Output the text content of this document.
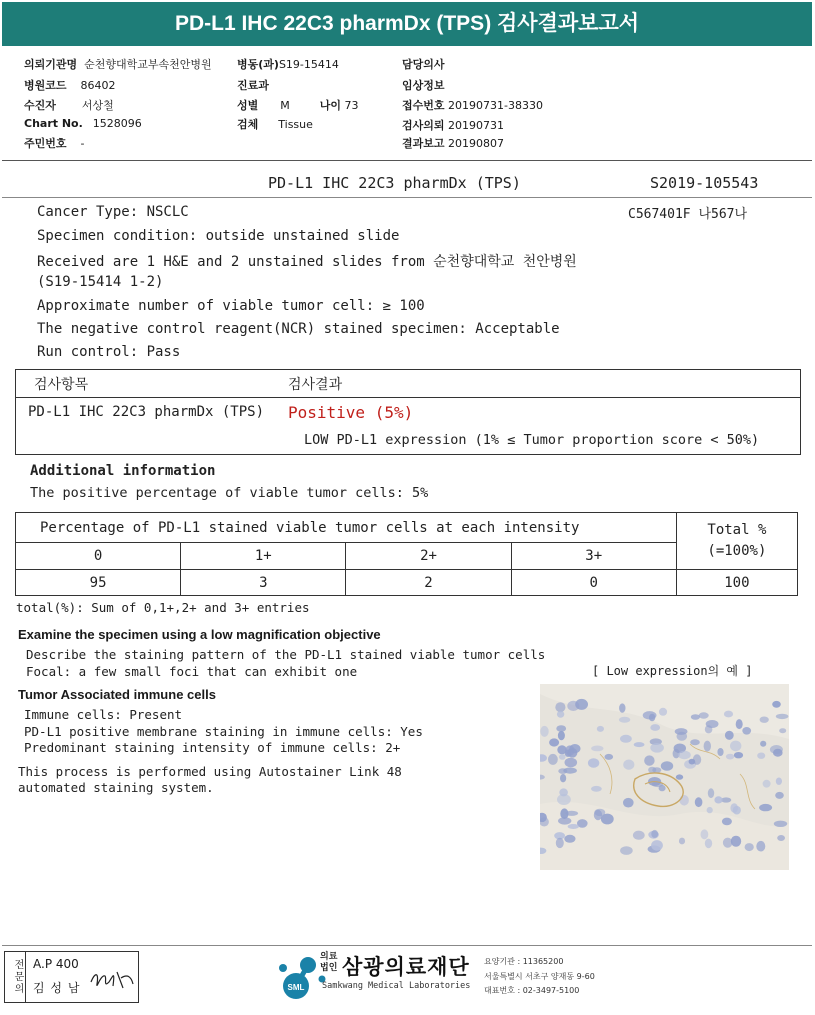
PD-L1 IHC 22C3 pharmDx (TPS) 검사결과보고서
의뢰기관명 순천향대학교부속천안병원
병원코드 86402
수진자 서상철
Chart No. 1528096
주민번호 -
병동(과)S19-15414
진료과
성별 M	나이 73
검체 Tissue
담당의사
임상정보
접수번호 20190731-38330
검사의뢰 20190731
결과보고 20190807
PD-L1 IHC 22C3 pharmDx (TPS)	S2019-105543
C567401F 나567나
Cancer Type: NSCLC
Specimen condition: outside unstained slide
Received are 1 H&E and 2 unstained slides from 순천향대학교 천안병원
(S19-15414 1-2)
Approximate number of viable tumor cell: ≥ 100
The negative control reagent(NCR) stained specimen: Acceptable
Run control: Pass
검사항목	검사결과
PD-L1 IHC 22C3 pharmDx (TPS) Positive (5%)
LOW PD-L1 expression (1% ≤ Tumor proportion score < 50%)
Additional information
The positive percentage of viable tumor cells: 5%
Percentage of PD-L1 stained viable tumor cells at each intensity				Total %
(=100%)

0	1+	2+	3+	
95	3	2	0	100
total(%): Sum of 0,1+,2+ and 3+ entries
Examine the specimen using a low magnification objective
Describe the staining pattern of the PD-L1 stained viable tumor cells
Focal: a few small foci that can exhibit one	[ Low expression의 예 ]
Tumor Associated immune cells
Immune cells: Present
PD-L1 positive membrane staining in immune cells: Yes
Predominant staining intensity of immune cells: 2+
This process is performed using Autostainer Link 48
automated staining system.
전문의 A.P 400
김 성 남	SML
의료
법인 삼광의료재단
Samkwang Medical Laboratories
요양기관 : 11365200
서울특별시 서초구 양재동 9-60
대표번호 : 02-3497-5100
